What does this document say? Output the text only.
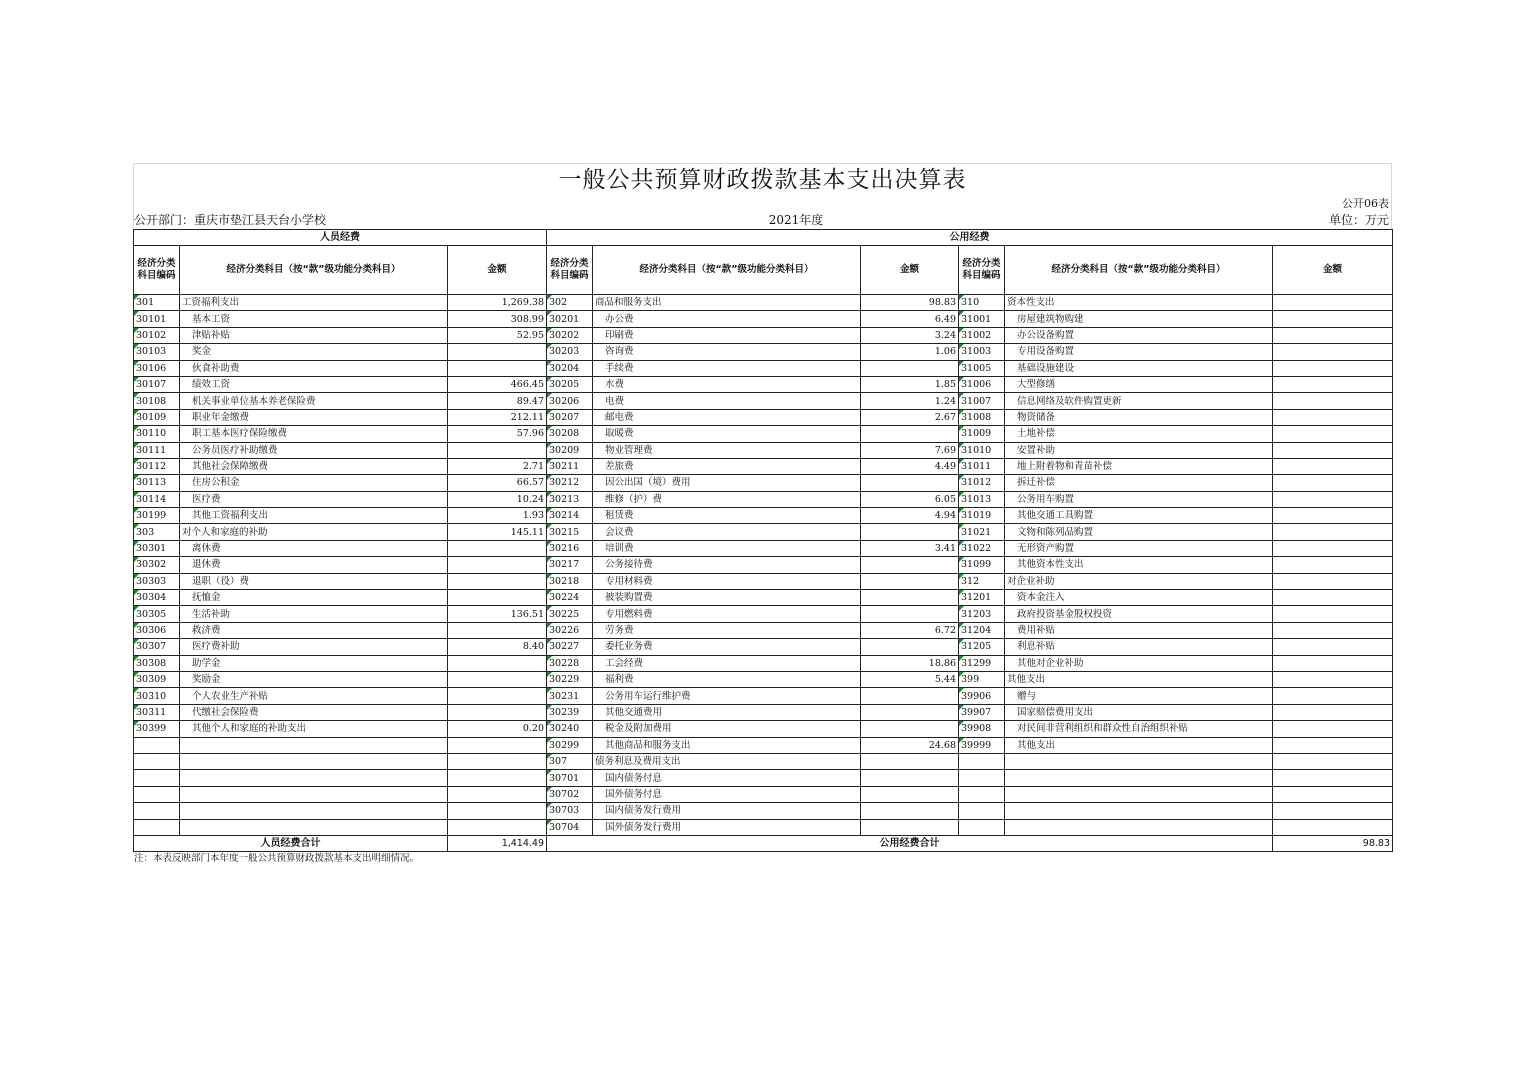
一般公共预算财政拨款基本支出决算表
公开06表
公开部门：重庆市垫江县天台小学校	2021年度	单位：万元
人员经费			公用经费					
经济分类科目编码	经济分类科目（按“款”级功能分类科目）	金额	经济分类科目编码	经济分类科目（按“款”级功能分类科目）	金额	经济分类科目编码	经济分类科目（按“款”级功能分类科目）	金额
301	工资福利支出	1,269.38	302	商品和服务支出	98.83	310	资本性支出	
30101	基本工资	308.99	30201	办公费	6.49	31001	房屋建筑物购建	
30102	津贴补贴	52.95	30202	印刷费	3.24	31002	办公设备购置	
30103	奖金		30203	咨询费	1.06	31003	专用设备购置	
30106	伙食补助费		30204	手续费		31005	基础设施建设	
30107	绩效工资	466.45	30205	水费	1.85	31006	大型修缮	
30108	机关事业单位基本养老保险费	89.47	30206	电费	1.24	31007	信息网络及软件购置更新	
30109	职业年金缴费	212.11	30207	邮电费	2.67	31008	物资储备	
30110	职工基本医疗保险缴费	57.96	30208	取暖费		31009	土地补偿	
30111	公务员医疗补助缴费		30209	物业管理费	7.69	31010	安置补助	
30112	其他社会保障缴费	2.71	30211	差旅费	4.49	31011	地上附着物和青苗补偿	
30113	住房公积金	66.57	30212	因公出国（境）费用		31012	拆迁补偿	
30114	医疗费	10.24	30213	维修（护）费	6.05	31013	公务用车购置	
30199	其他工资福利支出	1.93	30214	租赁费	4.94	31019	其他交通工具购置	
303	对个人和家庭的补助	145.11	30215	会议费		31021	文物和陈列品购置	
30301	离休费		30216	培训费	3.41	31022	无形资产购置	
30302	退休费		30217	公务接待费		31099	其他资本性支出	
30303	退职（役）费		30218	专用材料费		312	对企业补助	
30304	抚恤金		30224	被装购置费		31201	资本金注入	
30305	生活补助	136.51	30225	专用燃料费		31203	政府投资基金股权投资	
30306	救济费		30226	劳务费	6.72	31204	费用补贴	
30307	医疗费补助	8.40	30227	委托业务费		31205	利息补贴	
30308	助学金		30228	工会经费	18.86	31299	其他对企业补助	
30309	奖励金		30229	福利费	5.44	399	其他支出	
30310	个人农业生产补贴		30231	公务用车运行维护费		39906	赠与	
30311	代缴社会保险费		30239	其他交通费用		39907	国家赔偿费用支出	
30399	其他个人和家庭的补助支出	0.20	30240	税金及附加费用		39908	对民间非营利组织和群众性自治组织补贴	
			30299	其他商品和服务支出	24.68	39999	其他支出	
			307	债务利息及费用支出				
			30701	国内债务付息				
			30702	国外债务付息				
			30703	国内债务发行费用				
			30704	国外债务发行费用				
人员经费合计		1,414.49	公用经费合计					98.83
注：本表反映部门本年度一般公共预算财政拨款基本支出明细情况。
